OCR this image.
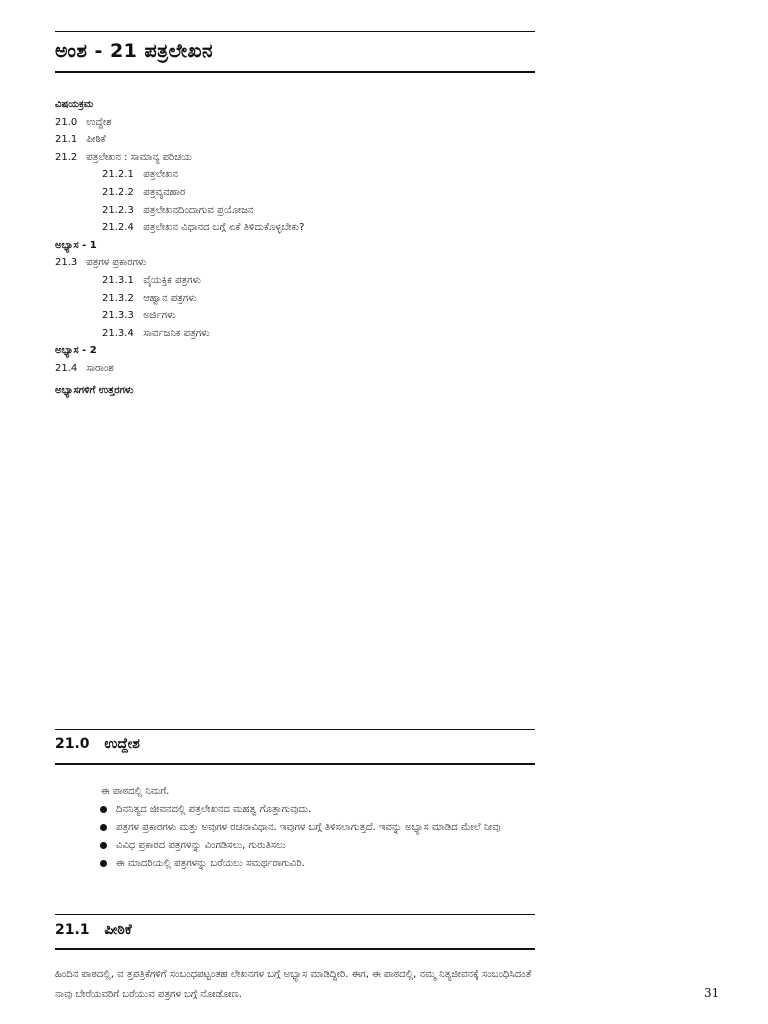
ಅಂಶ - 21 ಪತ್ರಲೇಖನ
ವಿಷಯಕ್ರಮ
21.0 ಉದ್ದೇಶ
21.1 ಪೀಠಿಕೆ
21.2 ಪತ್ರಲೇಖನ : ಸಾಮಾನ್ಯ ಪರಿಚಯ
21.2.1 ಪತ್ರಲೇಖನ
21.2.2 ಪತ್ರವ್ಯವಹಾರ
21.2.3 ಪತ್ರಲೇಖನದಿಂದಾಗುವ ಪ್ರಯೋಜನ
21.2.4 ಪತ್ರಲೇಖನ ವಿಧಾನದ ಬಗ್ಗೆ ಏಕೆ ತಿಳಿದುಕೊಳ್ಳಬೇಕು?
ಅಭ್ಯಾಸ - 1
21.3 ಪತ್ರಗಳ ಪ್ರಕಾರಗಳು
21.3.1 ವೈಯಕ್ತಿಕ ಪತ್ರಗಳು
21.3.2 ಆಹ್ವಾನ ಪತ್ರಗಳು
21.3.3 ಅರ್ಜಿಗಳು
21.3.4 ಸಾರ್ವಜನಿಕ ಪತ್ರಗಳು
ಅಭ್ಯಾಸ - 2
21.4 ಸಾರಾಂಶ
ಅಭ್ಯಾಸಗಳಿಗೆ ಉತ್ತರಗಳು
21.0 ಉದ್ದೇಶ
ಈ ಪಾಠದಲ್ಲಿ ನಿಮಗೆ.
ದಿನನಿತ್ಯದ ಜೀವನದಲ್ಲಿ ಪತ್ರಲೇಖನದ ಮಹತ್ವ ಗೊತ್ತಾಗುವುದು.
ಪತ್ರಗಳ ಪ್ರಕಾರಗಳು ಮತ್ತು ಅವುಗಳ ರಚನಾವಿಧಾನ. ಇವುಗಳ ಬಗ್ಗೆ ತಿಳಿಸಲಾಗುತ್ತದೆ. ಇವನ್ನು ಅಭ್ಯಾಸ ಮಾಡಿದ ಮೇಲೆ ನೀವು
ವಿವಿಧ ಪ್ರಕಾರದ ಪತ್ರಗಳನ್ನು ವಿಂಗಡಿಸಲು, ಗುರುತಿಸಲು
ಈ ಮಾದರಿಯಲ್ಲಿ ಪತ್ರಗಳನ್ನು ಬರೆಯಲು ಸಮರ್ಥರಾಗುವಿರಿ.
21.1 ಪೀಠಿಕೆ
ಹಿಂದಿನ ಪಾಠದಲ್ಲಿ, ವ ತ್ತಪತ್ರಿಕೆಗಳಿಗೆ ಸಂಬಂಧಪಟ್ಟಂತಹ ಲೇಖನಗಳ ಬಗ್ಗೆ ಅಭ್ಯಾಸ ಮಾಡಿದ್ದೀರಿ. ಈಗ, ಈ ಪಾಠದಲ್ಲಿ, ನಮ್ಮ ನಿತ್ಯಜೀವನಕ್ಕೆ ಸಂಬಂಧಿಸಿದಂತೆ ನಾವು ಬೇರೆಯವರಿಗೆ ಬರೆಯುವ ಪತ್ರಗಳ ಬಗ್ಗೆ ನೋಡೋಣ.	31
